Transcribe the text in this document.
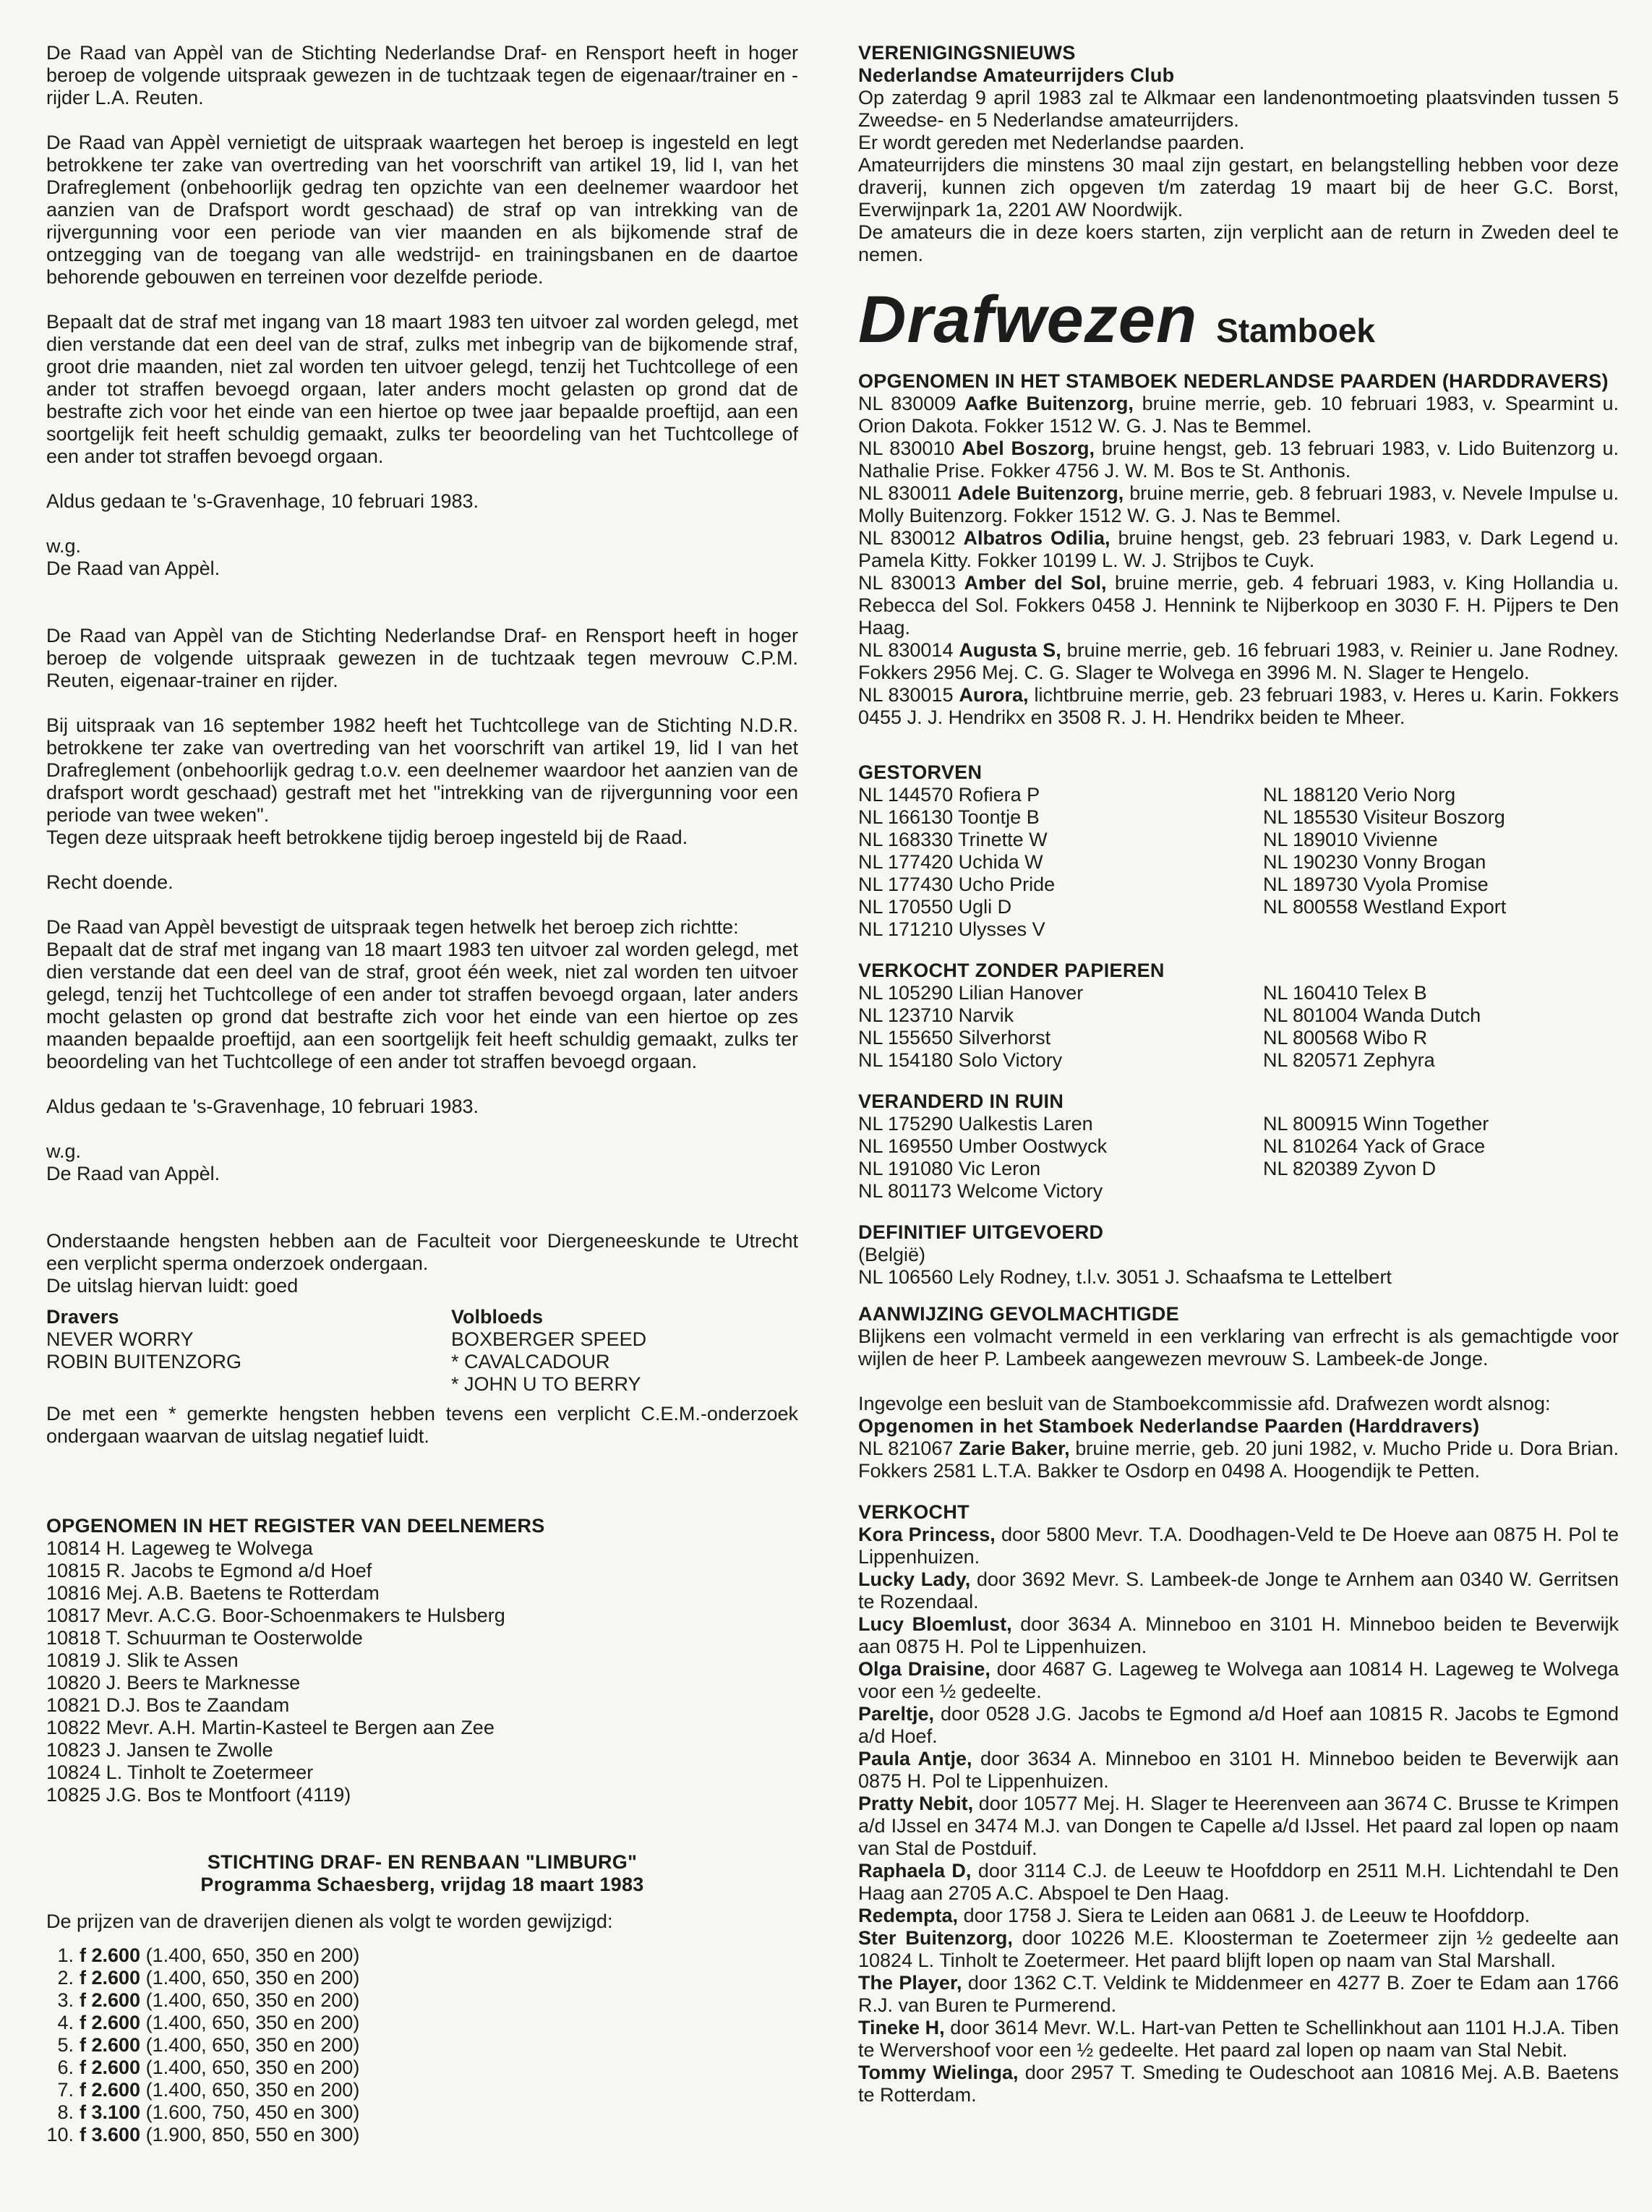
De Raad van Appèl van de Stichting Nederlandse Draf- en Rensport heeft in hoger beroep de volgende uitspraak gewezen in de tuchtzaak tegen de eigenaar/trainer en -rijder L.A. Reuten.

De Raad van Appèl vernietigt de uitspraak waartegen het beroep is ingesteld en legt betrokkene ter zake van overtreding van het voorschrift van artikel 19, lid I, van het Drafreglement (onbehoorlijk gedrag ten opzichte van een deelnemer waardoor het aanzien van de Drafsport wordt geschaad) de straf op van intrekking van de rijvergunning voor een periode van vier maanden en als bijkomende straf de ontzegging van de toegang van alle wedstrijd- en trainingsbanen en de daartoe behorende gebouwen en terreinen voor dezelfde periode.

Bepaalt dat de straf met ingang van 18 maart 1983 ten uitvoer zal worden gelegd, met dien verstande dat een deel van de straf, zulks met inbegrip van de bijkomende straf, groot drie maanden, niet zal worden ten uitvoer gelegd, tenzij het Tuchtcollege of een ander tot straffen bevoegd orgaan, later anders mocht gelasten op grond dat de bestrafte zich voor het einde van een hiertoe op twee jaar bepaalde proeftijd, aan een soortgelijk feit heeft schuldig gemaakt, zulks ter beoordeling van het Tuchtcollege of een ander tot straffen bevoegd orgaan.

Aldus gedaan te 's-Gravenhage, 10 februari 1983.

w.g.
De Raad van Appèl.

De Raad van Appèl van de Stichting Nederlandse Draf- en Rensport heeft in hoger beroep de volgende uitspraak gewezen in de tuchtzaak tegen mevrouw C.P.M. Reuten, eigenaar-trainer en rijder.

Bij uitspraak van 16 september 1982 heeft het Tuchtcollege van de Stichting N.D.R. betrokkene ter zake van overtreding van het voorschrift van artikel 19, lid I van het Drafreglement (onbehoorlijk gedrag t.o.v. een deelnemer waardoor het aanzien van de drafsport wordt geschaad) gestraft met het "intrekking van de rijvergunning voor een periode van twee weken".

Tegen deze uitspraak heeft betrokkene tijdig beroep ingesteld bij de Raad.

Recht doende.

De Raad van Appèl bevestigt de uitspraak tegen hetwelk het beroep zich richtte:

Bepaalt dat de straf met ingang van 18 maart 1983 ten uitvoer zal worden gelegd, met dien verstande dat een deel van de straf, groot één week, niet zal worden ten uitvoer gelegd, tenzij het Tuchtcollege of een ander tot straffen bevoegd orgaan, later anders mocht gelasten op grond dat bestrafte zich voor het einde van een hiertoe op zes maanden bepaalde proeftijd, aan een soortgelijk feit heeft schuldig gemaakt, zulks ter beoordeling van het Tuchtcollege of een ander tot straffen bevoegd orgaan.

Aldus gedaan te 's-Gravenhage, 10 februari 1983.

w.g.
De Raad van Appèl.

Onderstaande hengsten hebben aan de Faculteit voor Diergeneeskunde te Utrecht een verplicht sperma onderzoek ondergaan.

De uitslag hiervan luidt: goed
Dravers
NEVER WORRY
ROBIN BUITENZORG
Volbloeds
BOXBERGER SPEED
* CAVALCADOUR
* JOHN U TO BERRY

De met een * gemerkte hengsten hebben tevens een verplicht C.E.M.-onderzoek ondergaan waarvan de uitslag negatief luidt.

OPGENOMEN IN HET REGISTER VAN DEELNEMERS
10814 H. Lageweg te Wolvega
10815 R. Jacobs te Egmond a/d Hoef
10816 Mej. A.B. Baetens te Rotterdam
10817 Mevr. A.C.G. Boor-Schoenmakers te Hulsberg
10818 T. Schuurman te Oosterwolde
10819 J. Slik te Assen
10820 J. Beers te Marknesse
10821 D.J. Bos te Zaandam
10822 Mevr. A.H. Martin-Kasteel te Bergen aan Zee
10823 J. Jansen te Zwolle
10824 L. Tinholt te Zoetermeer
10825 J.G. Bos te Montfoort (4119)
STICHTING DRAF- EN RENBAAN "LIMBURG"
Programma Schaesberg, vrijdag 18 maart 1983
De prijzen van de draverijen dienen als volgt te worden gewijzigd:
1. f 2.600
(1.400, 650, 350 en 200)
2. f 2.600
(1.400, 650, 350 en 200)
3. f 2.600
(1.400, 650, 350 en 200)
4. f 2.600
(1.400, 650, 350 en 200)
5. f 2.600
(1.400, 650, 350 en 200)
6. f 2.600
(1.400, 650, 350 en 200)
7. f 2.600
(1.400, 650, 350 en 200)
8. f 3.100
(1.600, 750, 450 en 300)
10. f 3.600
(1.900, 850, 550 en 300)
VERENIGINGSNIEUWS
Nederlandse Amateurrijders Club
Op zaterdag 9 april 1983 zal te Alkmaar een landenontmoeting plaatsvinden tussen 5 Zweedse- en 5 Nederlandse amateurrijders.
Er wordt gereden met Nederlandse paarden.
Amateurrijders die minstens 30 maal zijn gestart, en belangstelling hebben voor deze draverij, kunnen zich opgeven t/m zaterdag 19 maart bij de heer G.C. Borst, Everwijnpark 1a, 2201 AW Noordwijk.
De amateurs die in deze koers starten, zijn verplicht aan de return in Zweden deel te nemen.
Drafwezen Stamboek
OPGENOMEN IN HET STAMBOEK NEDERLANDSE PAARDEN (HARDDRAVERS)
NL 830009 Aafke Buitenzorg, bruine merrie, geb. 10 februari 1983, v. Spearmint u. Orion Dakota. Fokker 1512 W. G. J. Nas te Bemmel.
NL 830010 Abel Boszorg, bruine hengst, geb. 13 februari 1983, v. Lido Buitenzorg u. Nathalie Prise. Fokker 4756 J. W. M. Bos te St. Anthonis.
NL 830011 Adele Buitenzorg, bruine merrie, geb. 8 februari 1983, v. Nevele Impulse u. Molly Buitenzorg. Fokker 1512 W. G. J. Nas te Bemmel.
NL 830012 Albatros Odilia, bruine hengst, geb. 23 februari 1983, v. Dark Legend u. Pamela Kitty. Fokker 10199 L. W. J. Strijbos te Cuyk.
NL 830013 Amber del Sol, bruine merrie, geb. 4 februari 1983, v. King Hollandia u. Rebecca del Sol. Fokkers 0458 J. Hennink te Nijberkoop en 3030 F. H. Pijpers te Den Haag.
NL 830014 Augusta S, bruine merrie, geb. 16 februari 1983, v. Reinier u. Jane Rodney. Fokkers 2956 Mej. C. G. Slager te Wolvega en 3996 M. N. Slager te Hengelo.
NL 830015 Aurora, lichtbruine merrie, geb. 23 februari 1983, v. Heres u. Karin. Fokkers 0455 J. J. Hendrikx en 3508 R. J. H. Hendrikx beiden te Mheer.
GESTORVEN
NL 144570 Rofiera P
NL 166130 Toontje B
NL 168330 Trinette W
NL 177420 Uchida W
NL 177430 Ucho Pride
NL 170550 Ugli D
NL 171210 Ulysses V
NL 188120 Verio Norg
NL 185530 Visiteur Boszorg
NL 189010 Vivienne
NL 190230 Vonny Brogan
NL 189730 Vyola Promise
NL 800558 Westland Export
VERKOCHT ZONDER PAPIEREN
NL 105290 Lilian Hanover
NL 123710 Narvik
NL 155650 Silverhorst
NL 154180 Solo Victory
NL 160410 Telex B
NL 801004 Wanda Dutch
NL 800568 Wibo R
NL 820571 Zephyra
VERANDERD IN RUIN
NL 175290 Ualkestis Laren
NL 169550 Umber Oostwyck
NL 191080 Vic Leron
NL 801173 Welcome Victory
NL 800915 Winn Together
NL 810264 Yack of Grace
NL 820389 Zyvon D
DEFINITIEF UITGEVOERD
(België)
NL 106560 Lely Rodney, t.l.v. 3051 J. Schaafsma te Lettelbert
AANWIJZING GEVOLMACHTIGDE

Blijkens een volmacht vermeld in een verklaring van erfrecht is als gemachtigde voor wijlen de heer P. Lambeek aangewezen mevrouw S. Lambeek-de Jonge.

Ingevolge een besluit van de Stamboekcommissie afd. Drafwezen wordt alsnog:
Opgenomen in het Stamboek Nederlandse Paarden (Harddravers)
NL 821067 Zarie Baker, bruine merrie, geb. 20 juni 1982, v. Mucho Pride u. Dora Brian. Fokkers 2581 L.T.A. Bakker te Osdorp en 0498 A. Hoogendijk te Petten.
VERKOCHT
Kora Princess, door 5800 Mevr. T.A. Doodhagen-Veld te De Hoeve aan 0875 H. Pol te Lippenhuizen.
Lucky Lady, door 3692 Mevr. S. Lambeek-de Jonge te Arnhem aan 0340 W. Gerritsen te Rozendaal.
Lucy Bloemlust, door 3634 A. Minneboo en 3101 H. Minneboo beiden te Beverwijk aan 0875 H. Pol te Lippenhuizen.
Olga Draisine, door 4687 G. Lageweg te Wolvega aan 10814 H. Lageweg te Wolvega voor een ½ gedeelte.
Pareltje, door 0528 J.G. Jacobs te Egmond a/d Hoef aan 10815 R. Jacobs te Egmond a/d Hoef.
Paula Antje, door 3634 A. Minneboo en 3101 H. Minneboo beiden te Beverwijk aan 0875 H. Pol te Lippenhuizen.
Pratty Nebit, door 10577 Mej. H. Slager te Heerenveen aan 3674 C. Brusse te Krimpen a/d IJssel en 3474 M.J. van Dongen te Capelle a/d IJssel. Het paard zal lopen op naam van Stal de Postduif.
Raphaela D, door 3114 C.J. de Leeuw te Hoofddorp en 2511 M.H. Lichtendahl te Den Haag aan 2705 A.C. Abspoel te Den Haag.
Redempta, door 1758 J. Siera te Leiden aan 0681 J. de Leeuw te Hoofddorp.
Ster Buitenzorg, door 10226 M.E. Kloosterman te Zoetermeer zijn ½ gedeelte aan 10824 L. Tinholt te Zoetermeer. Het paard blijft lopen op naam van Stal Marshall.
The Player, door 1362 C.T. Veldink te Middenmeer en 4277 B. Zoer te Edam aan 1766 R.J. van Buren te Purmerend.
Tineke H, door 3614 Mevr. W.L. Hart-van Petten te Schellinkhout aan 1101 H.J.A. Tiben te Wervershoof voor een ½ gedeelte. Het paard zal lopen op naam van Stal Nebit.
Tommy Wielinga, door 2957 T. Smeding te Oudeschoot aan 10816 Mej. A.B. Baetens te Rotterdam.
